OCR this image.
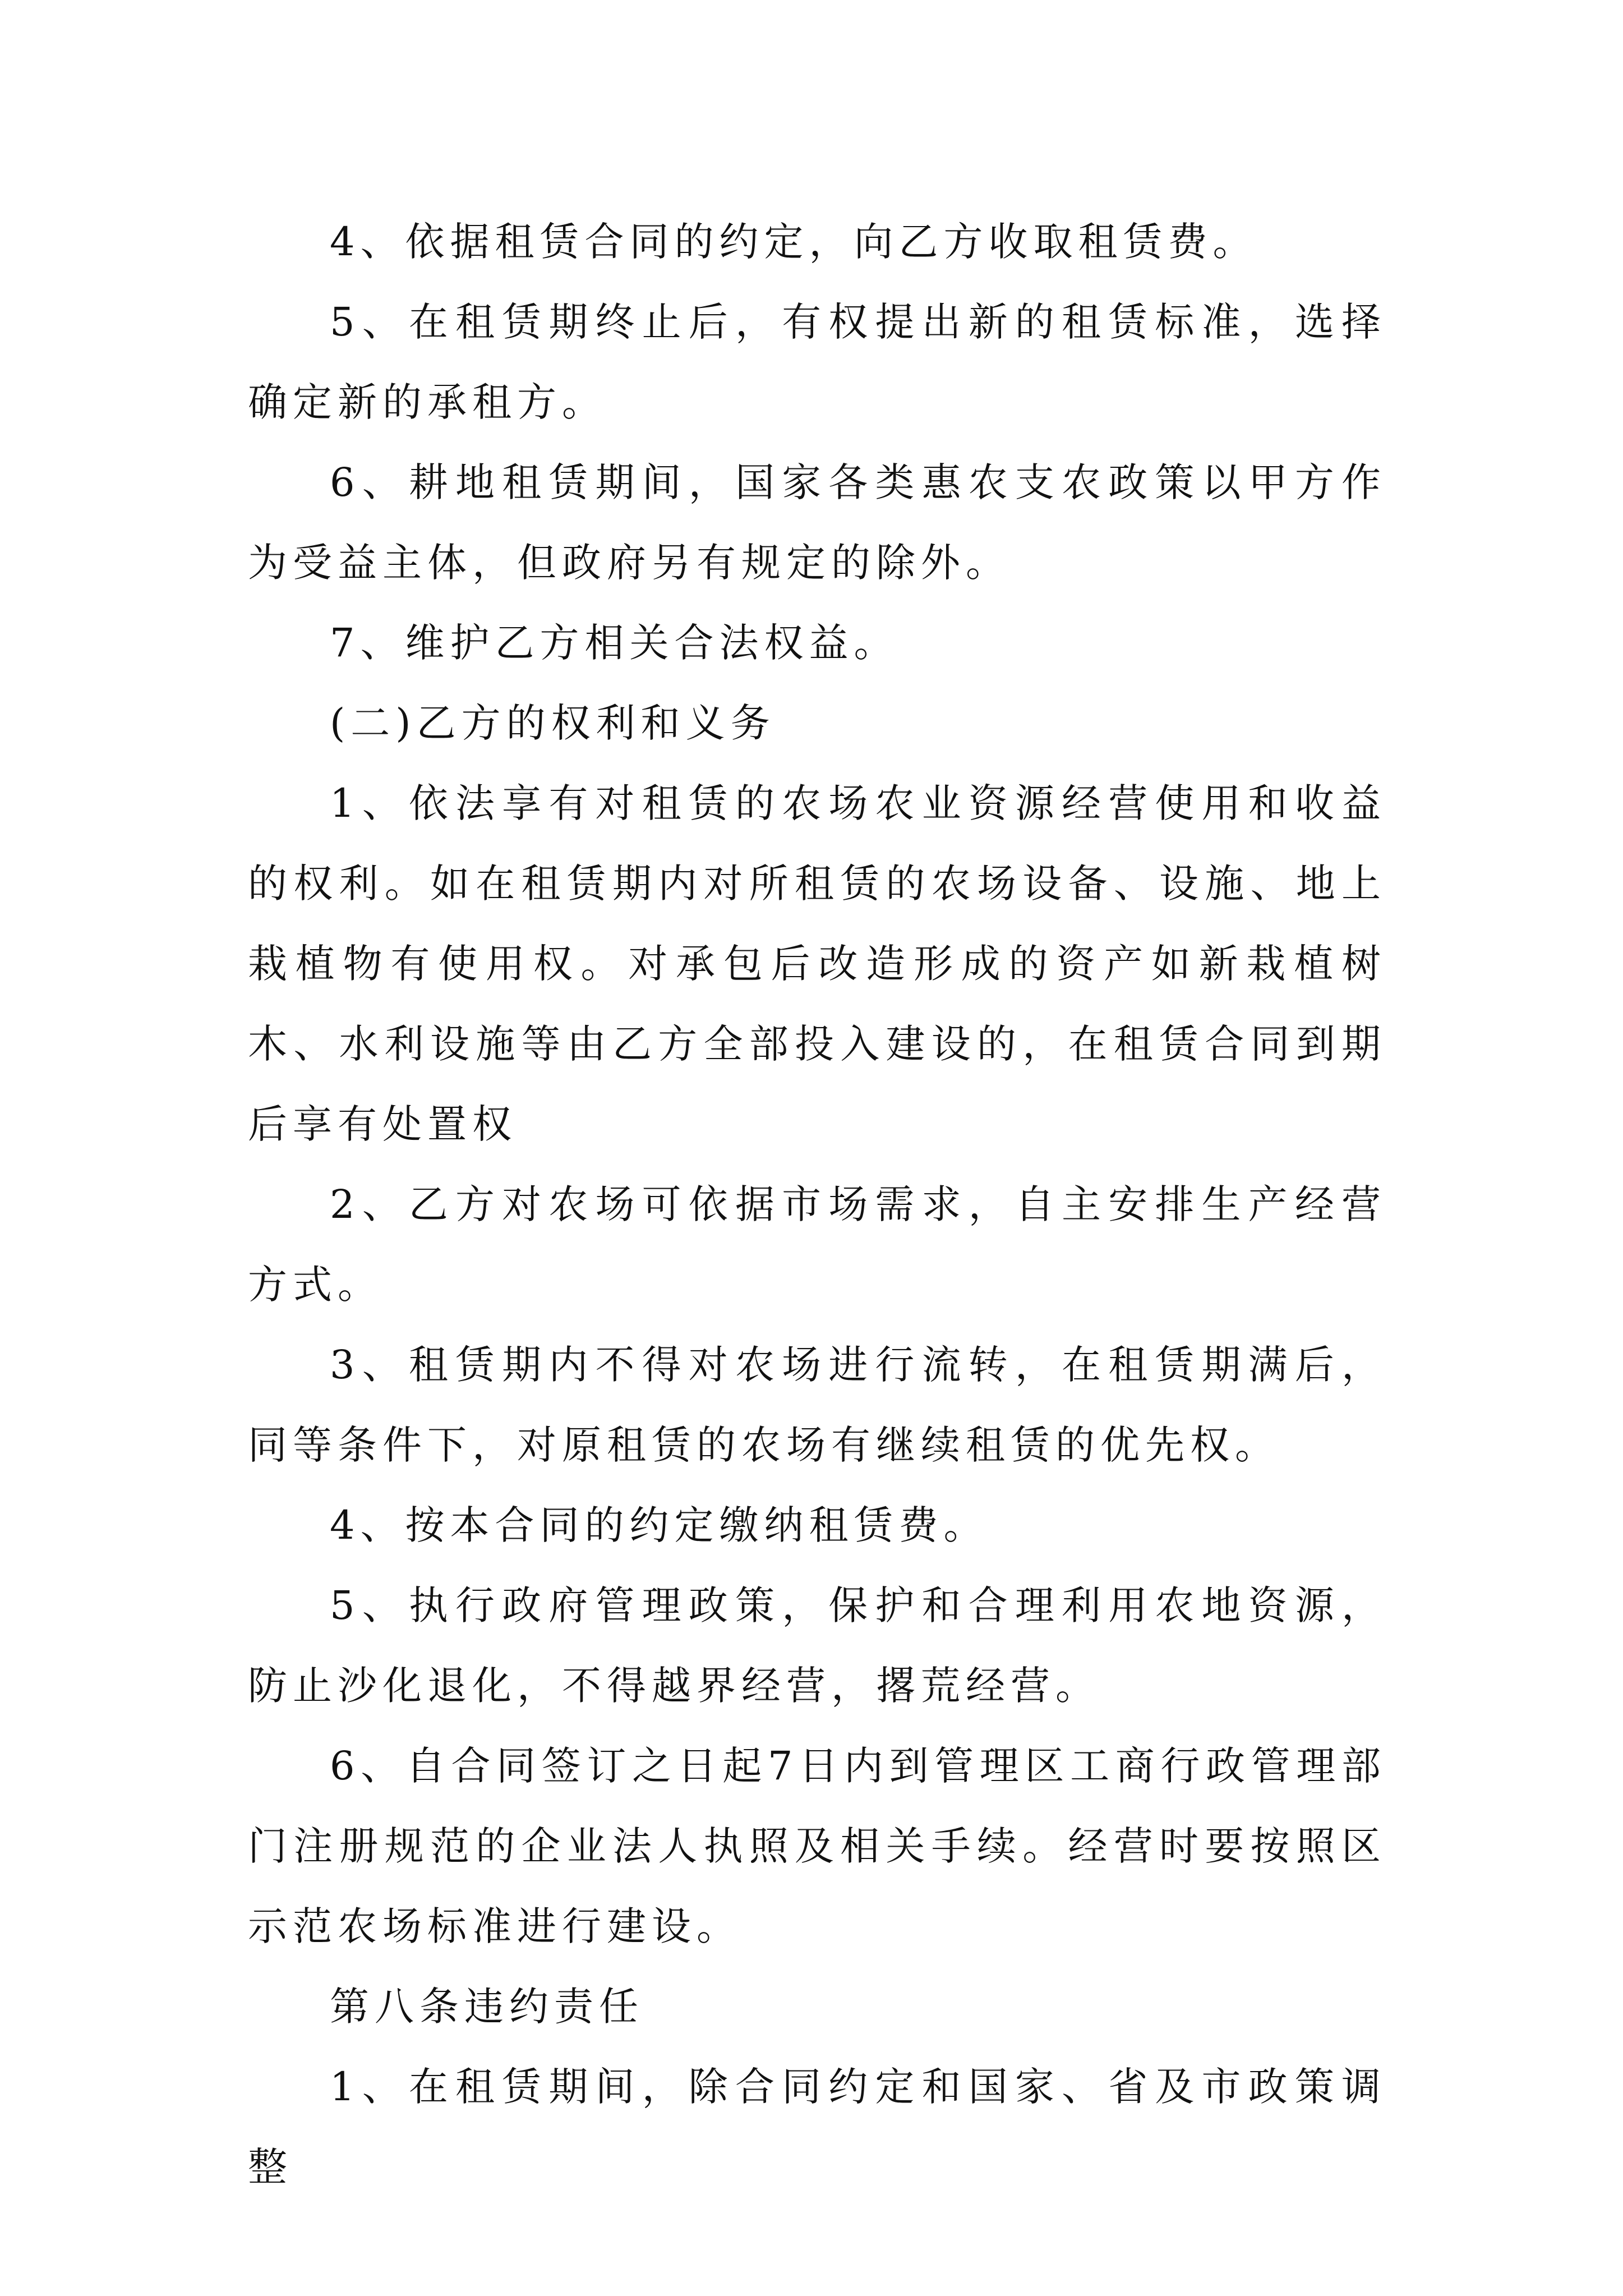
4、依据租赁合同的约定，向乙方收取租赁费。

5、在租赁期终止后，有权提出新的租赁标准，选择确定新的承租方。

6、耕地租赁期间，国家各类惠农支农政策以甲方作为受益主体，但政府另有规定的除外。

7、维护乙方相关合法权益。

(二)乙方的权利和义务

1、依法享有对租赁的农场农业资源经营使用和收益的权利。如在租赁期内对所租赁的农场设备、设施、地上栽植物有使用权。对承包后改造形成的资产如新栽植树木、水利设施等由乙方全部投入建设的，在租赁合同到期后享有处置权

2、乙方对农场可依据市场需求，自主安排生产经营方式。

3、租赁期内不得对农场进行流转，在租赁期满后，同等条件下，对原租赁的农场有继续租赁的优先权。

4、按本合同的约定缴纳租赁费。

5、执行政府管理政策，保护和合理利用农地资源，防止沙化退化，不得越界经营，撂荒经营。

6、自合同签订之日起7日内到管理区工商行政管理部门注册规范的企业法人执照及相关手续。经营时要按照区示范农场标准进行建设。

第八条违约责任

1、在租赁期间，除合同约定和国家、省及市政策调整
